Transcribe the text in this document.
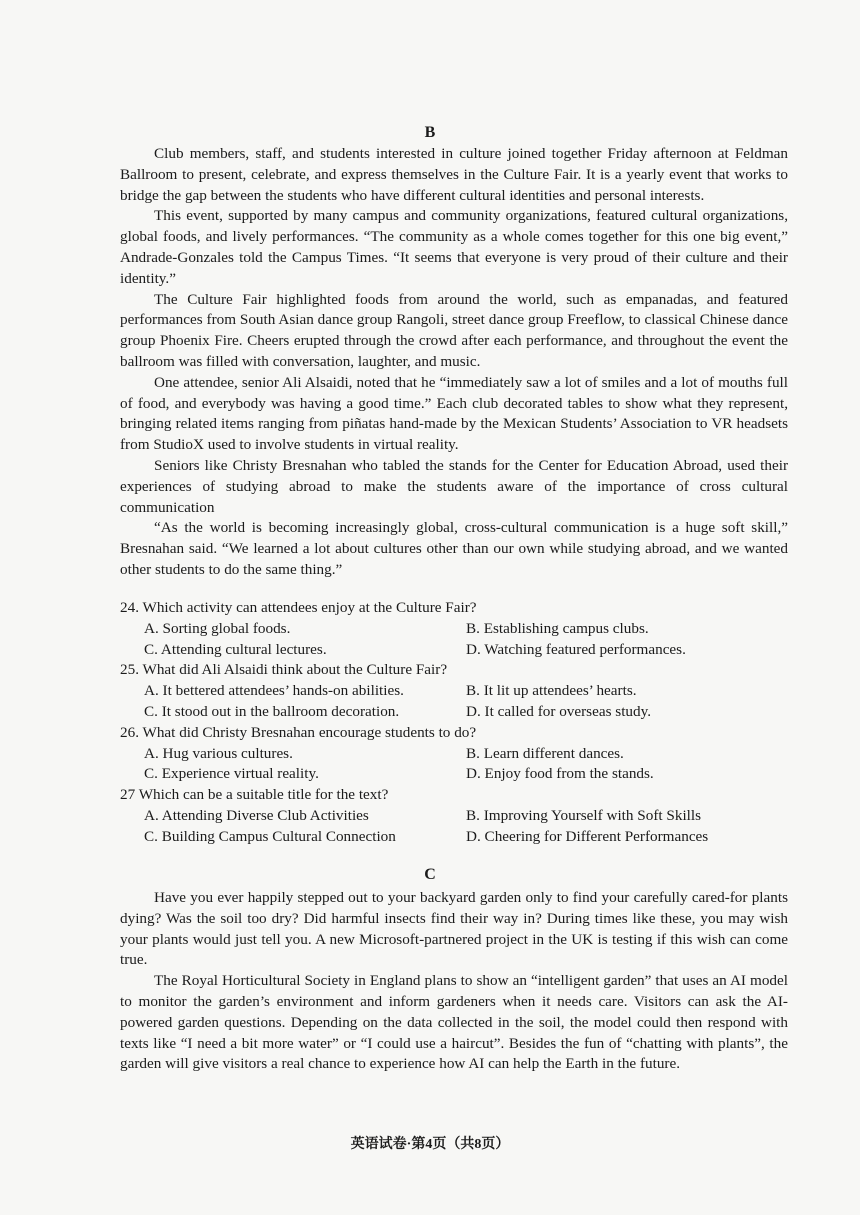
B

Club members, staff, and students interested in culture joined together Friday afternoon at Feldman Ballroom to present, celebrate, and express themselves in the Culture Fair. It is a yearly event that works to bridge the gap between the students who have different cultural identities and personal interests.

This event, supported by many campus and community organizations, featured cultural organizations, global foods, and lively performances. “The community as a whole comes together for this one big event,” Andrade-Gonzales told the Campus Times. “It seems that everyone is very proud of their culture and their identity.”

The Culture Fair highlighted foods from around the world, such as empanadas, and featured performances from South Asian dance group Rangoli, street dance group Freeflow, to classical Chinese dance group Phoenix Fire. Cheers erupted through the crowd after each performance, and throughout the event the ballroom was filled with conversation, laughter, and music.

One attendee, senior Ali Alsaidi, noted that he “immediately saw a lot of smiles and a lot of mouths full of food, and everybody was having a good time.” Each club decorated tables to show what they represent, bringing related items ranging from piñatas hand-made by the Mexican Students’ Association to VR headsets from StudioX used to involve students in virtual reality.

Seniors like Christy Bresnahan who tabled the stands for the Center for Education Abroad, used their experiences of studying abroad to make the students aware of the importance of cross cultural communication

“As the world is becoming increasingly global, cross-cultural communication is a huge soft skill,” Bresnahan said. “We learned a lot about cultures other than our own while studying abroad, and we wanted other students to do the same thing.”

24. Which activity can attendees enjoy at the Culture Fair?

A. Sorting global foods.	B. Establishing campus clubs.
C. Attending cultural lectures.	D. Watching featured performances.

25. What did Ali Alsaidi think about the Culture Fair?

A. It bettered attendees’ hands-on abilities.	B. It lit up attendees’ hearts.
C. It stood out in the ballroom decoration.	D. It called for overseas study.

26. What did Christy Bresnahan encourage students to do?

A. Hug various cultures.	B. Learn different dances.
C. Experience virtual reality.	D. Enjoy food from the stands.

27 Which can be a suitable title for the text?

A. Attending Diverse Club Activities	B. Improving Yourself with Soft Skills
C. Building Campus Cultural Connection	D. Cheering for Different Performances
C

Have you ever happily stepped out to your backyard garden only to find your carefully cared-for plants dying? Was the soil too dry? Did harmful insects find their way in? During times like these, you may wish your plants would just tell you. A new Microsoft-partnered project in the UK is testing if this wish can come true.

The Royal Horticultural Society in England plans to show an “intelligent garden” that uses an AI model to monitor the garden’s environment and inform gardeners when it needs care. Visitors can ask the AI-powered garden questions. Depending on the data collected in the soil, the model could then respond with texts like “I need a bit more water” or “I could use a haircut”. Besides the fun of “chatting with plants”, the garden will give visitors a real chance to experience how AI can help the Earth in the future.

英语试卷·第4页（共8页）
